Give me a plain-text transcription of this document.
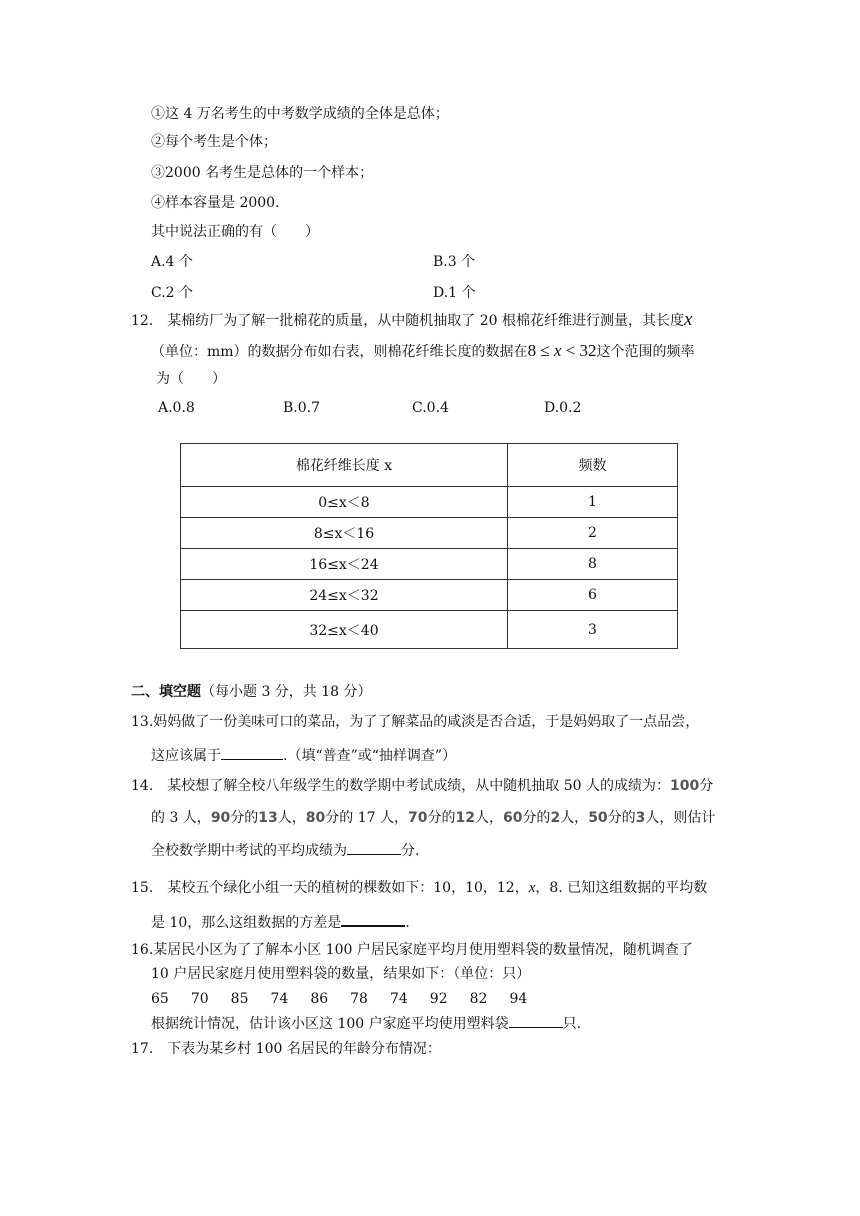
①这 4 万名考生的中考数学成绩的全体是总体；
②每个考生是个体；
③2000 名考生是总体的一个样本；
④样本容量是 2000.
其中说法正确的有（　　）
A.4 个	B.3 个
C.2 个	D.1 个
12.　某棉纺厂为了解一批棉花的质量，从中随机抽取了 20 根棉花纤维进行测量，其长度x
（单位：mm）的数据分布如右表，则棉花纤维长度的数据在8 ≤ x < 32这个范围的频率
为（　　）
A.0.8	B.0.7	C.0.4	D.0.2
棉花纤维长度 x	频数
0≤x＜8	1
8≤x＜16	2
16≤x＜24	8
24≤x＜32	6
32≤x＜40	3
二、填空题（每小题 3 分，共 18 分）
13.妈妈做了一份美味可口的菜品，为了了解菜品的咸淡是否合适，于是妈妈取了一点品尝，
这应该属于	.（填“普查”或“抽样调查”）
14.　某校想了解全校八年级学生的数学期中考试成绩，从中随机抽取 50 人的成绩为：100分
的 3 人，90分的13人，80分的 17 人，70分的12人，60分的2人，50分的3人，则估计
全校数学期中考试的平均成绩为	分.
15.　某校五个绿化小组一天的植树的棵数如下：10，10，12，x，8. 已知这组数据的平均数
是 10，那么这组数据的方差是	.
16.某居民小区为了了解本小区 100 户居民家庭平均月使用塑料袋的数量情况，随机调查了
10 户居民家庭月使用塑料袋的数量，结果如下：（单位：只）
65 70 85 74 86 78 74 92 82 94
根据统计情况，估计该小区这 100 户家庭平均使用塑料袋	只.
17.　下表为某乡村 100 名居民的年龄分布情况：
